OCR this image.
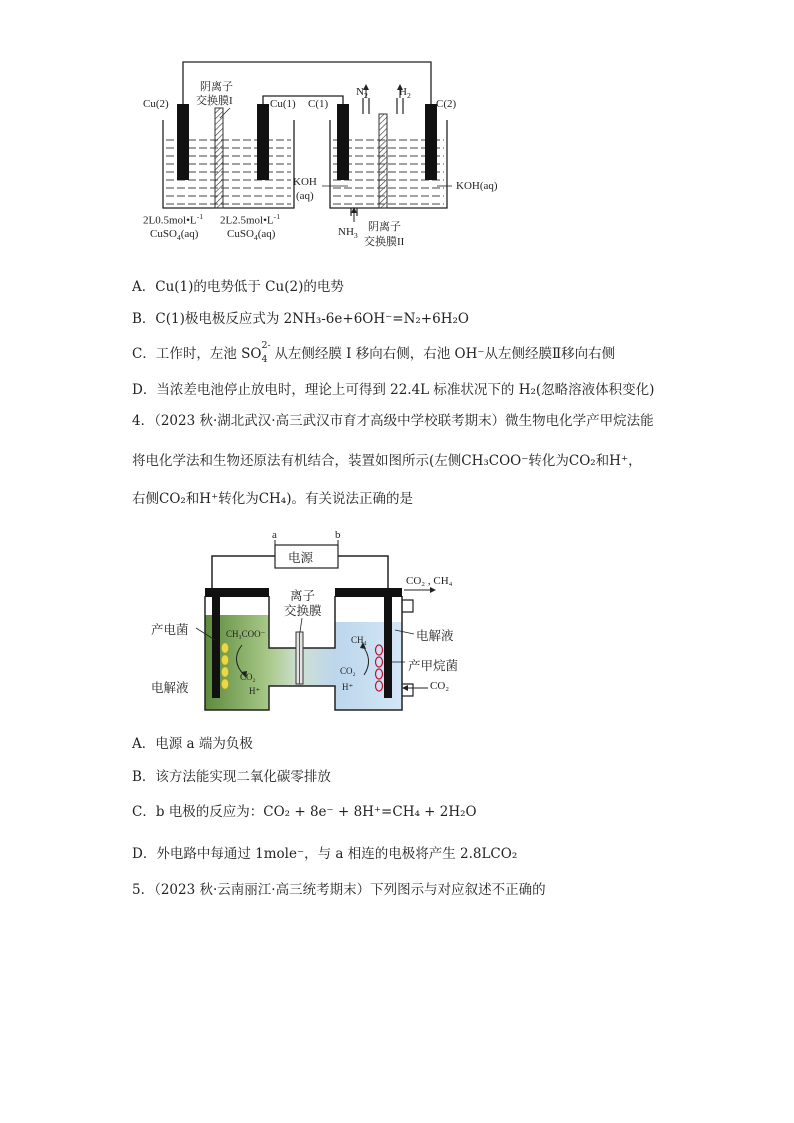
Cu(2)
阴离子
交换膜I	Cu(1) C(1)
$N_2$	$H_2$
C(2)
KOH
(aq)
KOH(aq)
$2L0.5mol•L^{-1}$
CuSO$_4$(aq)
$2L2.5mol•L^{-1}$
CuSO$_4$(aq)	$NH_3$
阴离子
交换膜II
A．Cu(1)的电势低于 Cu(2)的电势
B．C(1)极电极反应式为 2NH₃-6e+6OH⁻=N₂+6H₂O
C．工作时，左池 SO 4
2-
从左侧经膜 I 移向右侧，右池 OH⁻从左侧经膜Ⅱ移向右侧
D．当浓差电池停止放电时，理论上可得到 22.4L 标准状况下的 H₂(忽略溶液体积变化)
4．（2023 秋·湖北武汉·高三武汉市育才高级中学校联考期末）微生物电化学产甲烷法能
将电化学法和生物还原法有机结合，装置如图所示(左侧CH₃COO⁻转化为CO₂和H⁺，
右侧CO₂和H⁺转化为CH₄)。有关说法正确的是
a	b
电源
离子
交换膜
产电菌
电解液
电解液
产甲烷菌
CO₂ , CH₄
CO₂
CH₃COO⁻
CO₂
H⁺
CH₄
CO₂
H⁺
A．电源 a 端为负极
B．该方法能实现二氧化碳零排放
C．b 电极的反应为：CO₂ + 8e⁻ + 8H⁺=CH₄ + 2H₂O
D．外电路中每通过 1mole⁻，与 a 相连的电极将产生 2.8LCO₂
5．（2023 秋·云南丽江·高三统考期末）下列图示与对应叙述不正确的
